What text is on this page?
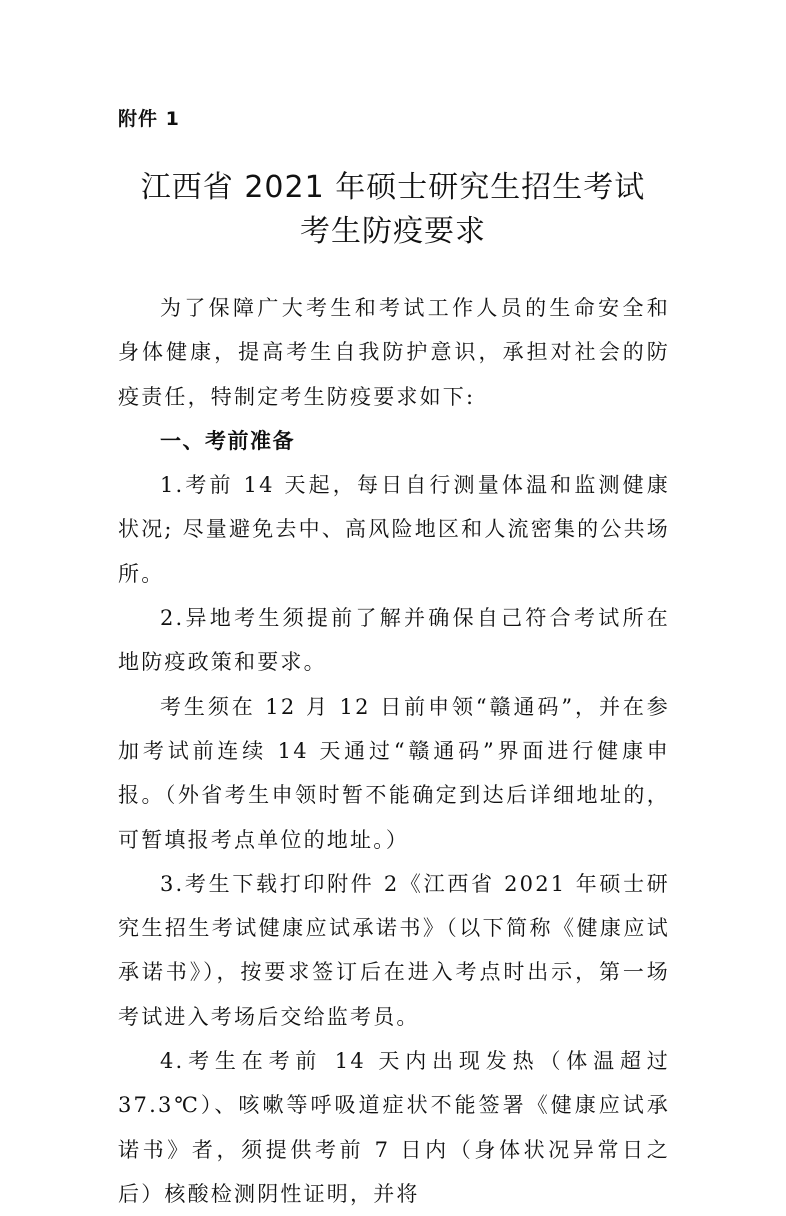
附件 1
江西省 2021 年硕士研究生招生考试
考生防疫要求

为了保障广大考生和考试工作人员的生命安全和身体健康，提高考生自我防护意识，承担对社会的防疫责任，特制定考生防疫要求如下:

一、考前准备

1.考前 14 天起，每日自行测量体温和监测健康状况; 尽量避免去中、高风险地区和人流密集的公共场所。

2.异地考生须提前了解并确保自己符合考试所在地防疫政策和要求。

考生须在 12 月 12 日前申领“赣通码”，并在参加考试前连续 14 天通过“赣通码”界面进行健康申报。（外省考生申领时暂不能确定到达后详细地址的，可暂填报考点单位的地址。）

3.考生下载打印附件 2《江西省 2021 年硕士研究生招生考试健康应试承诺书》（以下简称《健康应试承诺书》），按要求签订后在进入考点时出示，第一场考试进入考场后交给监考员。

4.考生在考前 14 天内出现发热（体温超过 37.3℃）、咳嗽等呼吸道症状不能签署《健康应试承诺书》者，须提供考前 7 日内（身体状况异常日之后）核酸检测阴性证明，并将
